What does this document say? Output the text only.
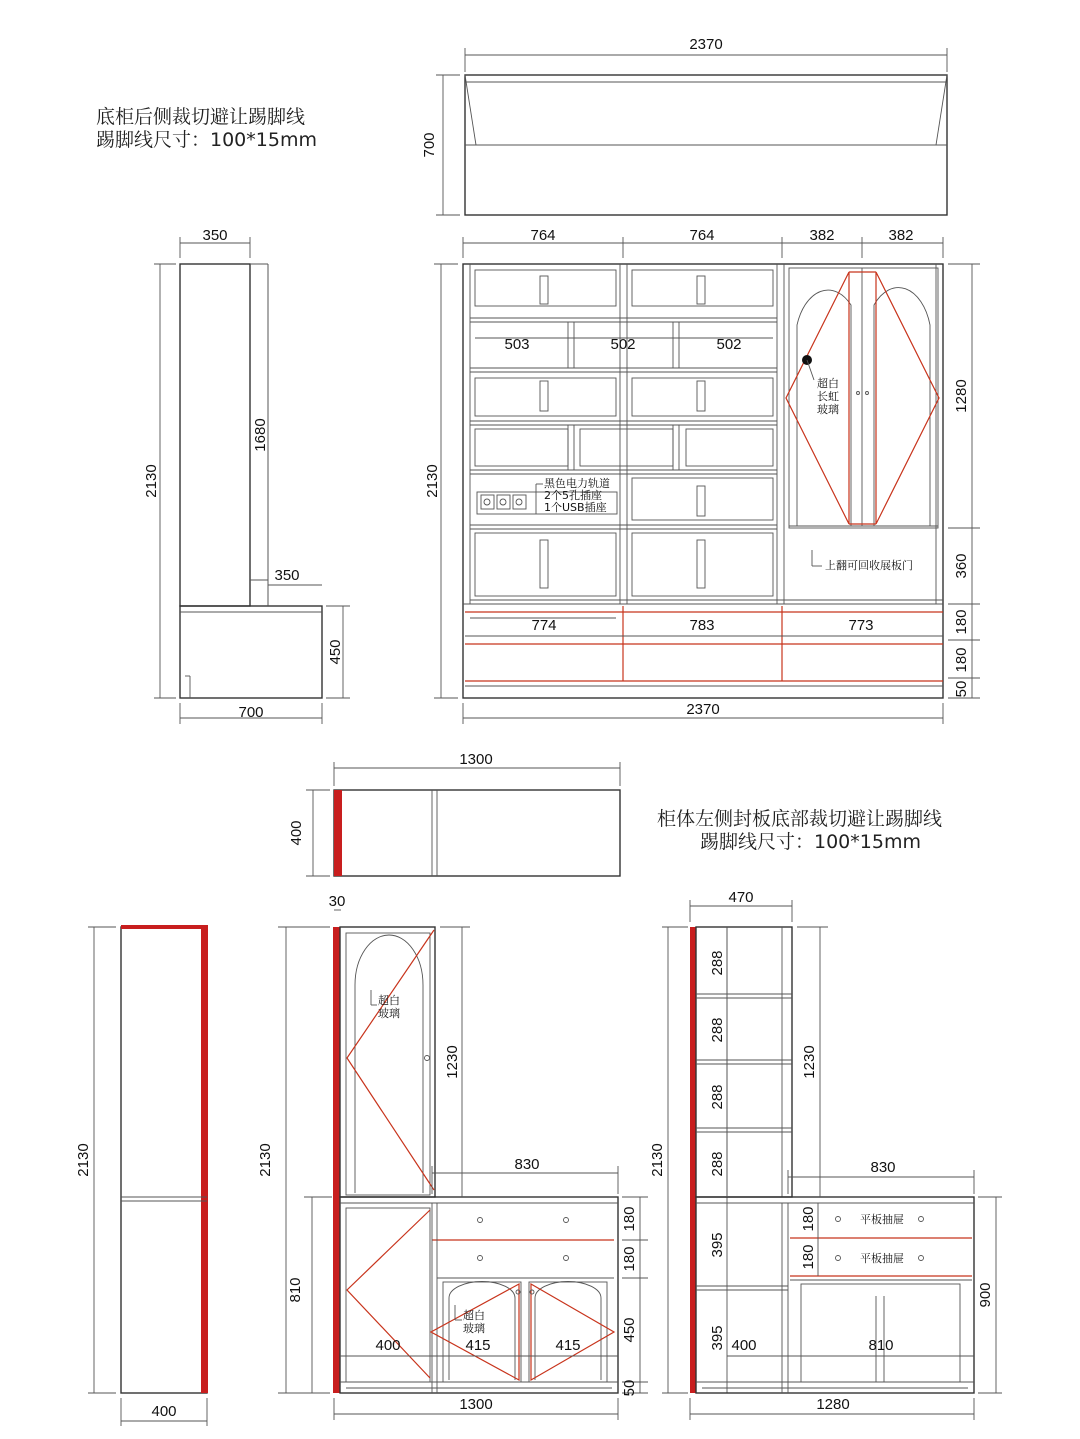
底柜后侧裁切避让踢脚线
踢脚线尺寸：100*15mm
柜体左侧封板底部裁切避让踢脚线
踢脚线尺寸：100*15mm
2370
700
350
2130
1680
350
450
700
503	502	502
黑色电力轨道
2个5孔插座
1个USB插座
超白
长虹
玻璃
上翻可回收展板门
774	783	773
764	764	382	382
2130
1280
360
180
180
50
2370
1300
400
2130
400
超白
玻璃
超白
玻璃
30
2130
810
1230
830
180
180
450
50
400	415	415
1300
平板抽屉
平板抽屉
470
2130
1230
288
288
288
288
395
395
830
180
180
900
400	810
1280
